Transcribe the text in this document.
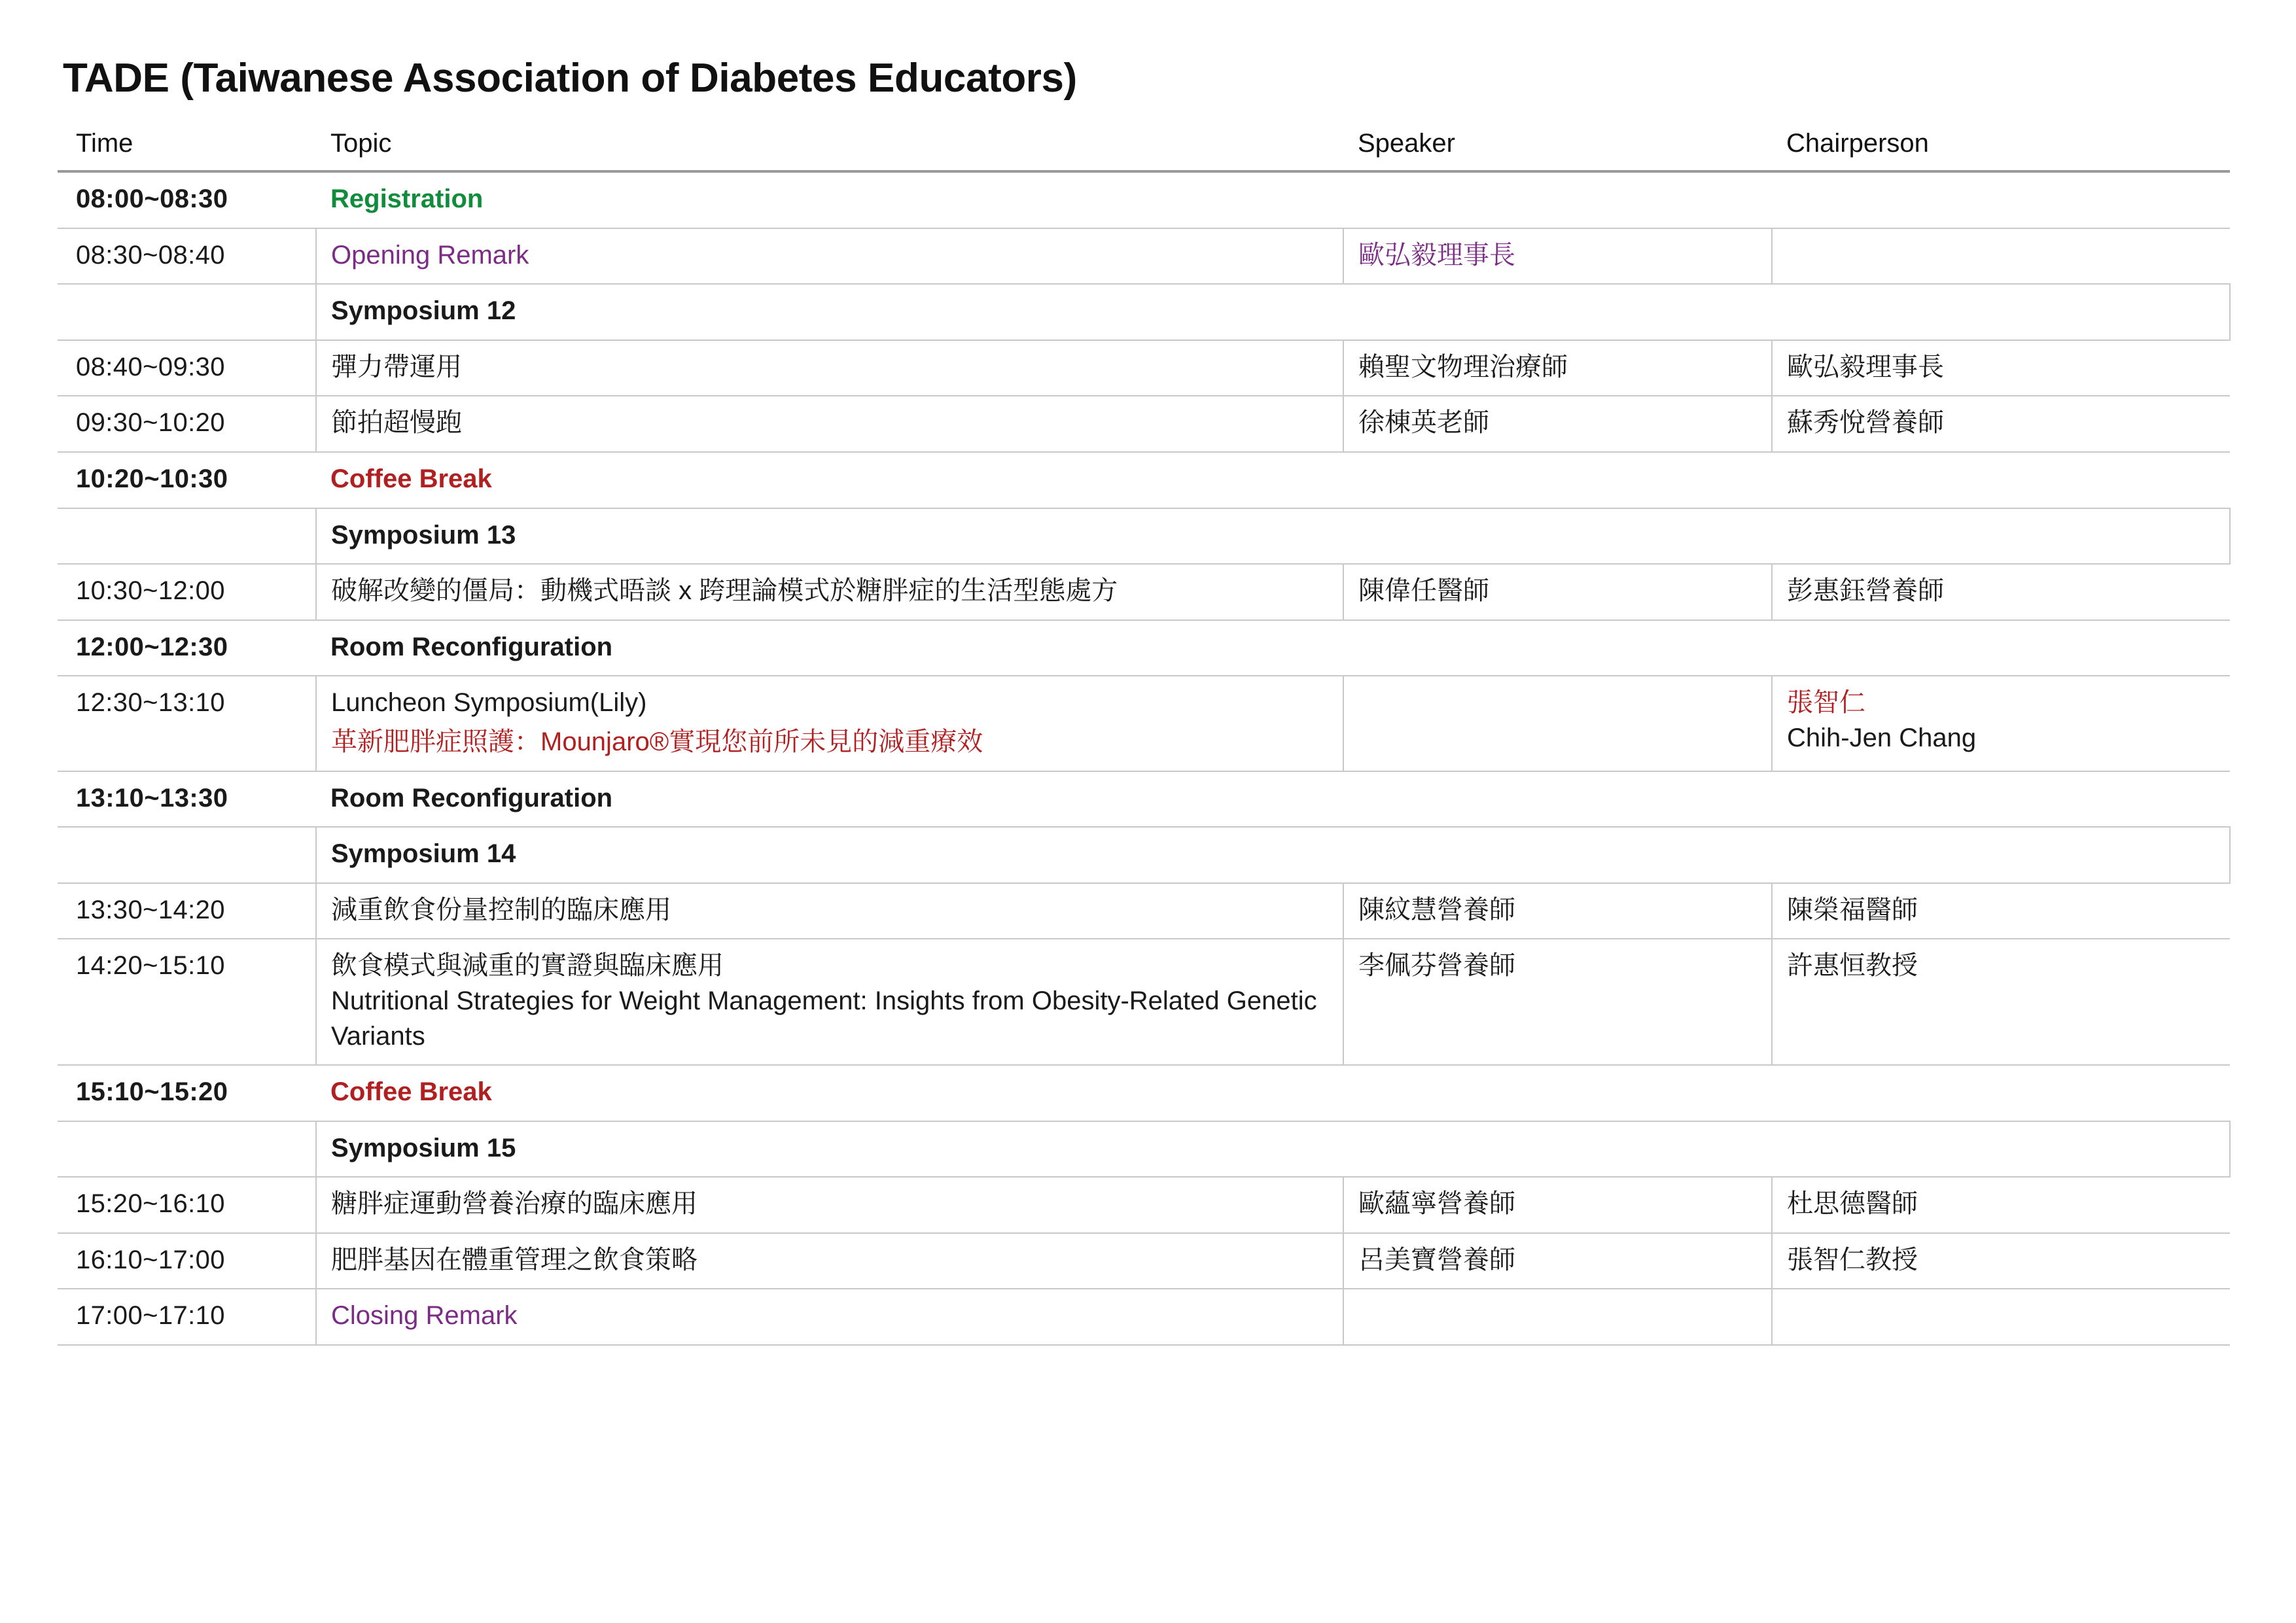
TADE (Taiwanese Association of Diabetes Educators)
Time	Topic	Speaker	Chairperson
08:00~08:30	Registration		
08:30~08:40	Opening Remark	歐弘毅理事長	
	Symposium 12		
08:40~09:30	彈力帶運用	賴聖文物理治療師	歐弘毅理事長
09:30~10:20	節拍超慢跑	徐棟英老師	蘇秀悅營養師
10:20~10:30	Coffee Break		
	Symposium 13		
10:30~12:00	破解改變的僵局：動機式晤談 x 跨理論模式於糖胖症的生活型態處方	陳偉任醫師	彭惠鈺營養師
12:00~12:30	Room Reconfiguration		
12:30~13:10	Luncheon Symposium(Lily)
革新肥胖症照護：Mounjaro®實現您前所未見的減重療效		張智仁
Chih-Jen Chang

13:10~13:30	Room Reconfiguration		
	Symposium 14		
13:30~14:20	減重飲食份量控制的臨床應用	陳紋慧營養師	陳榮福醫師
14:20~15:10	飲食模式與減重的實證與臨床應用
Nutritional Strategies for Weight Management: Insights from Obesity-Related Genetic Variants	李佩芬營養師	許惠恒教授
15:10~15:20	Coffee Break		
	Symposium 15		
15:20~16:10	糖胖症運動營養治療的臨床應用	歐蘊寧營養師	杜思德醫師
16:10~17:00	肥胖基因在體重管理之飲食策略	呂美寶營養師	張智仁教授
17:00~17:10	Closing Remark		
